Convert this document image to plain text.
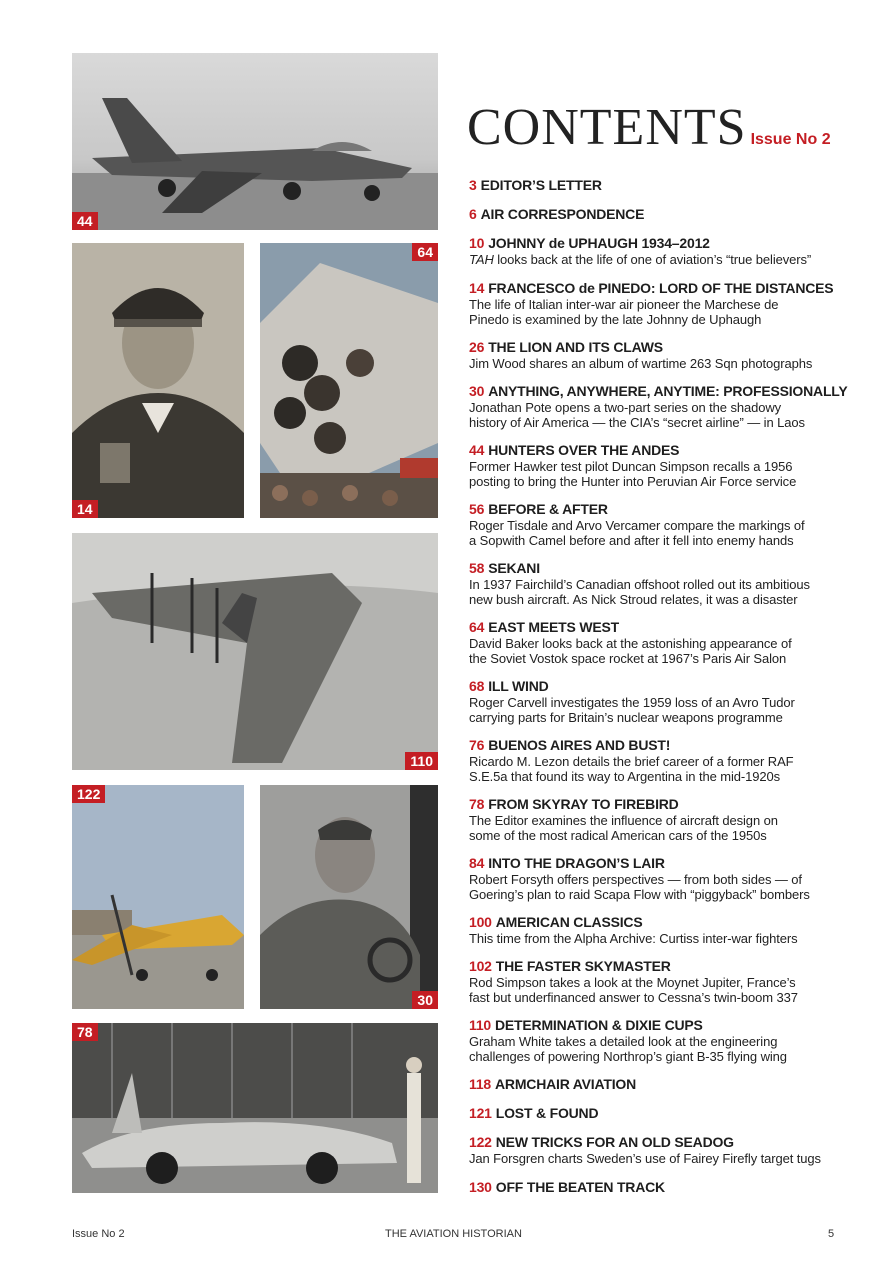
44
14
64
110
122
30
78
CONTENTS Issue No 2
3 EDITOR’S LETTER
6 AIR CORRESPONDENCE
10 JOHNNY de UPHAUGH 1934–2012
TAH looks back at the life of one of aviation’s “true believers”
14 FRANCESCO de PINEDO: LORD OF THE DISTANCES
The life of Italian inter-war air pioneer the Marchese de
Pinedo is examined by the late Johnny de Uphaugh
26 THE LION AND ITS CLAWS
Jim Wood shares an album of wartime 263 Sqn photographs
30 ANYTHING, ANYWHERE, ANYTIME: PROFESSIONALLY
Jonathan Pote opens a two-part series on the shadowy
history of Air America — the CIA’s “secret airline” — in Laos
44 HUNTERS OVER THE ANDES
Former Hawker test pilot Duncan Simpson recalls a 1956
posting to bring the Hunter into Peruvian Air Force service
56 BEFORE & AFTER
Roger Tisdale and Arvo Vercamer compare the markings of
a Sopwith Camel before and after it fell into enemy hands
58 SEKANI
In 1937 Fairchild’s Canadian offshoot rolled out its ambitious
new bush aircraft. As Nick Stroud relates, it was a disaster
64 EAST MEETS WEST
David Baker looks back at the astonishing appearance of
the Soviet Vostok space rocket at 1967’s Paris Air Salon
68 ILL WIND
Roger Carvell investigates the 1959 loss of an Avro Tudor
carrying parts for Britain’s nuclear weapons programme
76 BUENOS AIRES AND BUST!
Ricardo M. Lezon details the brief career of a former RAF
S.E.5a that found its way to Argentina in the mid-1920s
78 FROM SKYRAY TO FIREBIRD
The Editor examines the influence of aircraft design on
some of the most radical American cars of the 1950s
84 INTO THE DRAGON’S LAIR
Robert Forsyth offers perspectives — from both sides — of
Goering’s plan to raid Scapa Flow with “piggyback” bombers
100 AMERICAN CLASSICS
This time from the Alpha Archive: Curtiss inter-war fighters
102 THE FASTER SKYMASTER
Rod Simpson takes a look at the Moynet Jupiter, France’s
fast but underfinanced answer to Cessna’s twin-boom 337
110 DETERMINATION & DIXIE CUPS
Graham White takes a detailed look at the engineering
challenges of powering Northrop’s giant B-35 flying wing
118 ARMCHAIR AVIATION
121 LOST & FOUND
122 NEW TRICKS FOR AN OLD SEADOG
Jan Forsgren charts Sweden’s use of Fairey Firefly target tugs
130 OFF THE BEATEN TRACK
Issue No 2	THE AVIATION HISTORIAN	5
